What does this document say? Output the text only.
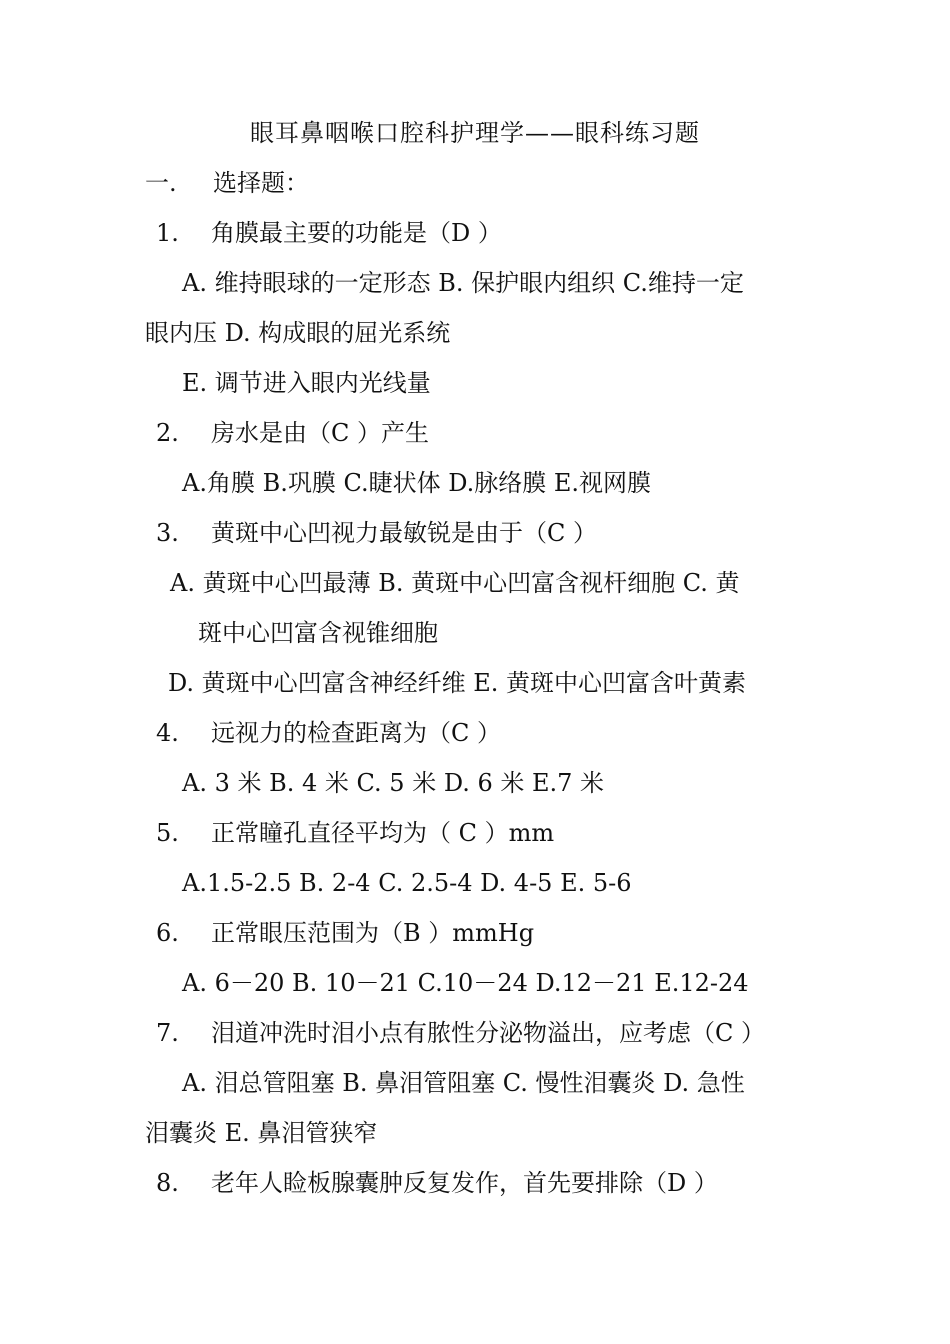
眼耳鼻咽喉口腔科护理学——眼科练习题
一. 选择题：
1. 角膜最主要的功能是（D ）
A. 维持眼球的一定形态 B. 保护眼内组织 C.维持一定
眼内压 D. 构成眼的屈光系统
E. 调节进入眼内光线量
2. 房水是由（C ）产生
A.角膜 B.巩膜 C.睫状体 D.脉络膜 E.视网膜
3. 黄斑中心凹视力最敏锐是由于（C ）
A. 黄斑中心凹最薄 B. 黄斑中心凹富含视杆细胞 C. 黄
斑中心凹富含视锥细胞
D. 黄斑中心凹富含神经纤维 E. 黄斑中心凹富含叶黄素
4. 远视力的检查距离为（C ）
A. 3 米 B. 4 米 C. 5 米 D. 6 米 E.7 米
5. 正常瞳孔直径平均为（ C ）mm
A.1.5-2.5 B. 2-4 C. 2.5-4 D. 4-5 E. 5-6
6. 正常眼压范围为（B ）mmHg
A. 6－20 B. 10－21 C.10－24 D.12－21 E.12-24
7. 泪道冲洗时泪小点有脓性分泌物溢出，应考虑（C ）
A. 泪总管阻塞 B. 鼻泪管阻塞 C. 慢性泪囊炎 D. 急性
泪囊炎 E. 鼻泪管狭窄
8. 老年人睑板腺囊肿反复发作，首先要排除（D ）
